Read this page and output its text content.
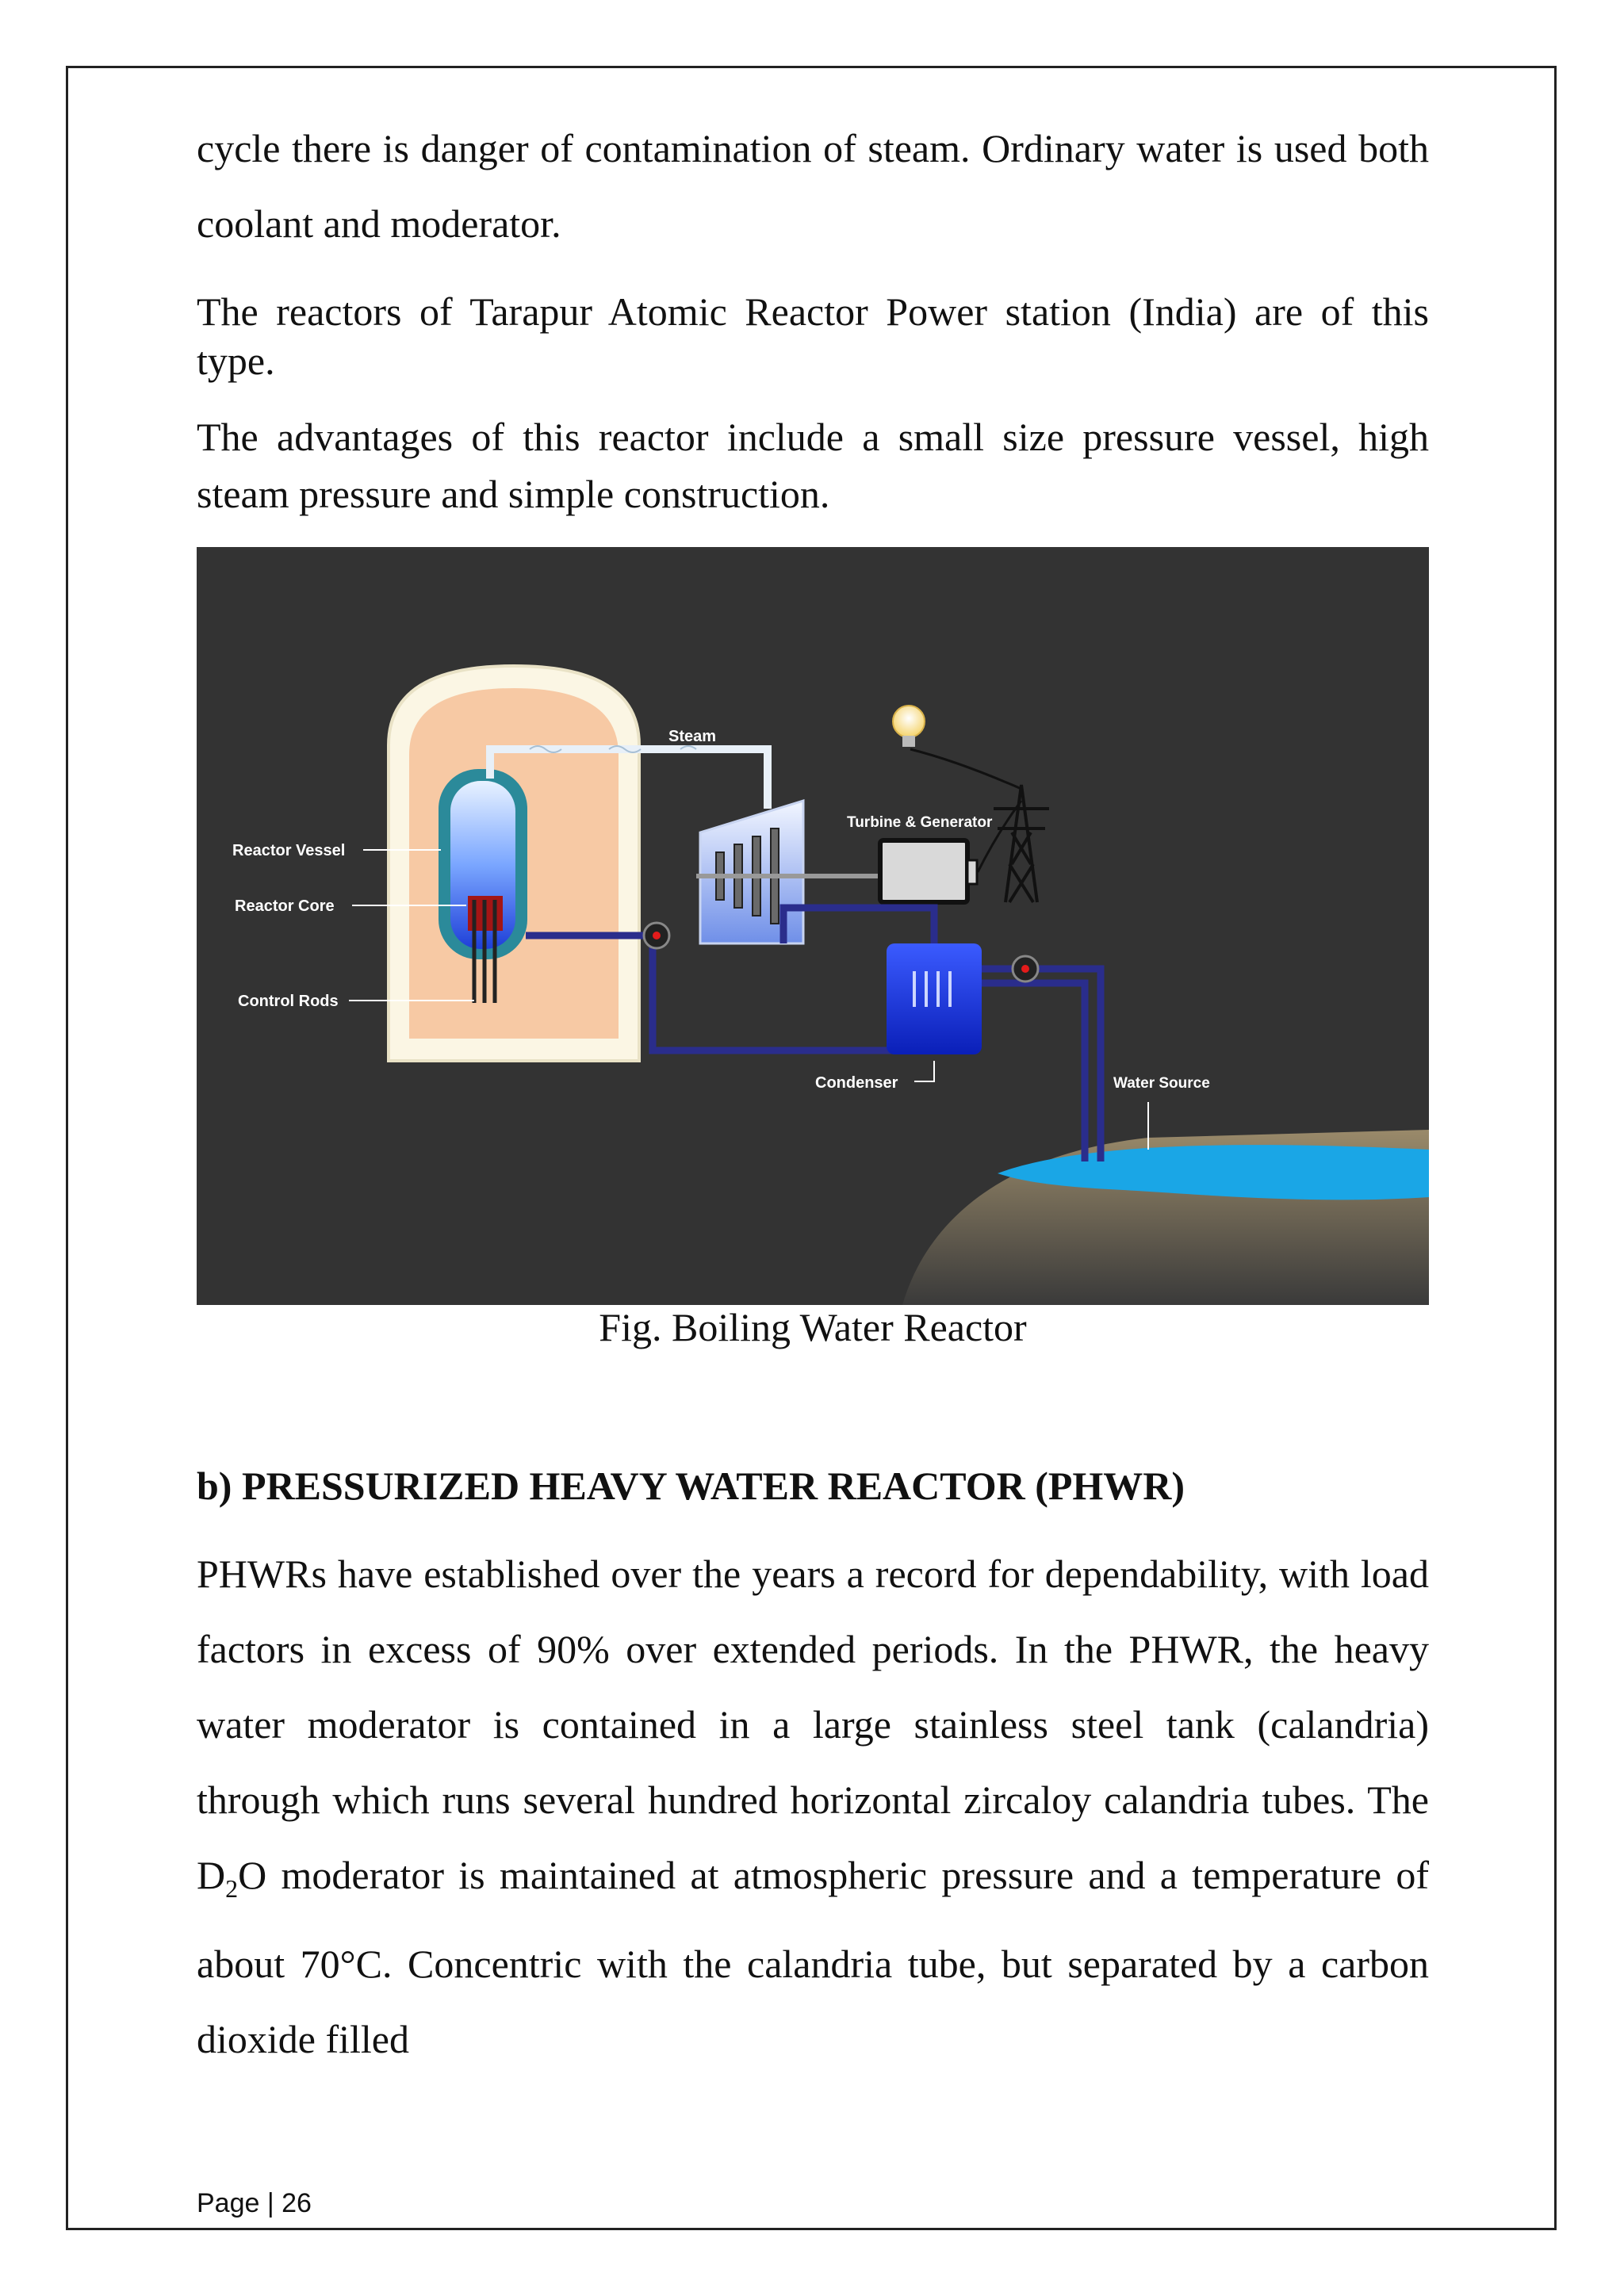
cycle there is danger of contamination of steam. Ordinary water is used both coolant and moderator.
The reactors of Tarapur Atomic Reactor Power station (India) are of this type.
The advantages of this reactor include a small size pressure vessel, high steam pressure and simple construction.
Steam
Reactor Vessel
Reactor Core
Control Rods
Turbine & Generator
Condenser	Water Source
Fig. Boiling Water Reactor
b) PRESSURIZED HEAVY WATER REACTOR (PHWR)
PHWRs have established over the years a record for dependability, with load factors in excess of 90% over extended periods. In the PHWR, the heavy water moderator is contained in a large stainless steel tank (calandria) through which runs several hundred horizontal zircaloy calandria tubes. The $D_2O$ moderator is maintained at atmospheric pressure and a temperature of about 70°C. Concentric with the calandria tube, but separated by a carbon dioxide filled
Page | 26
